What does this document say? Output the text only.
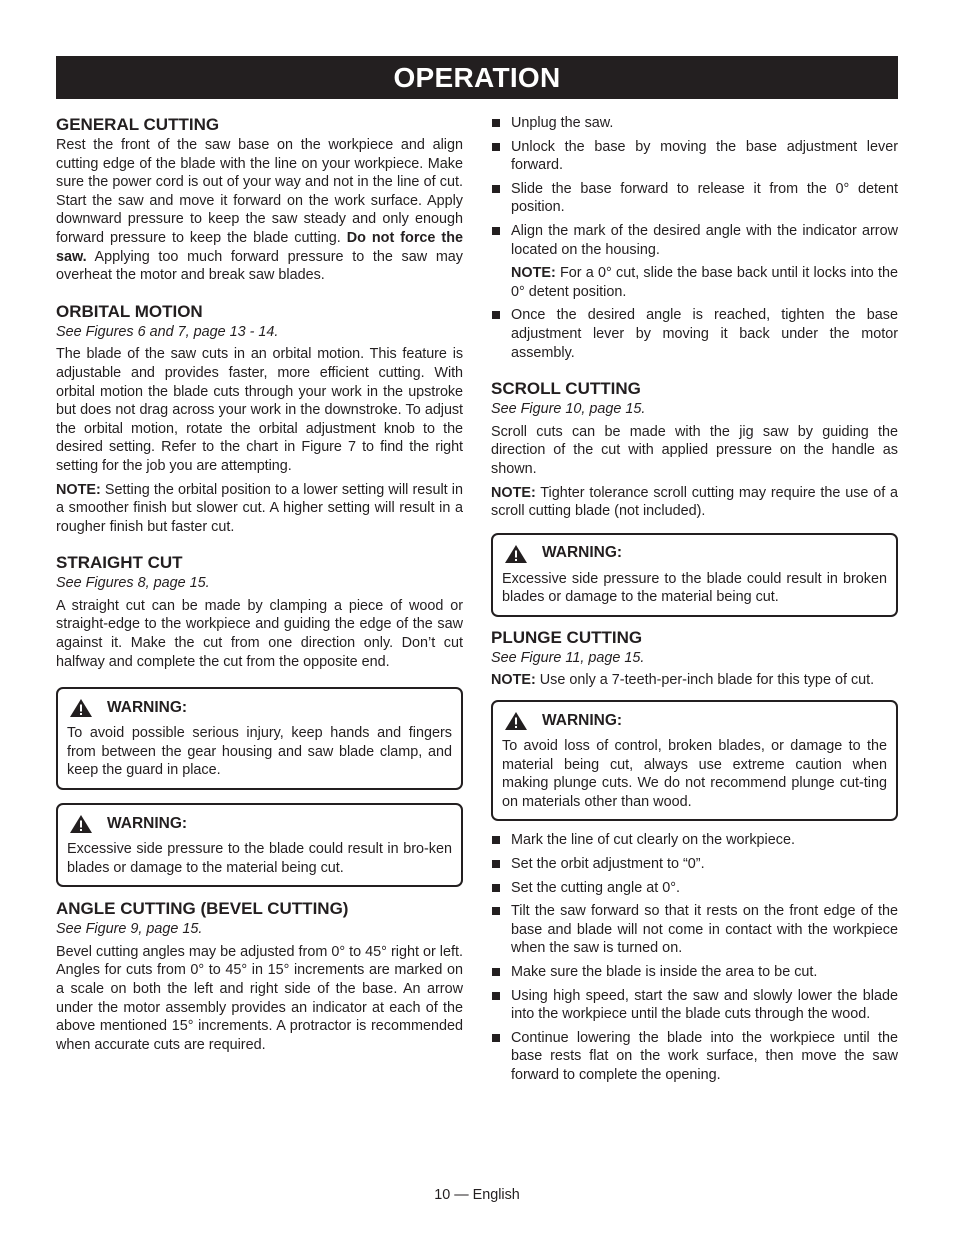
OPERATION
GENERAL CUTTING

Rest the front of the saw base on the workpiece and align cutting edge of the blade with the line on your workpiece. Make sure the power cord is out of your way and not in the line of cut. Start the saw and move it forward on the work surface. Apply downward pressure to keep the saw steady and only enough forward pressure to keep the blade cutting. Do not force the saw. Applying too much forward pressure to the saw may overheat the motor and break saw blades.

ORBITAL MOTION
See Figures 6 and 7, page 13 - 14.

The blade of the saw cuts in an orbital motion. This feature is adjustable and provides faster, more efficient cutting. With orbital motion the blade cuts through your work in the upstroke but does not drag across your work in the downstroke. To adjust the orbital motion, rotate the orbital adjustment knob to the desired setting. Refer to the chart in Figure 7 to find the right setting for the job you are attempting.

NOTE: Setting the orbital position to a lower setting will result in a smoother finish but slower cut. A higher setting will result in a rougher finish but faster cut.

STRAIGHT CUT
See Figures 8, page 15.

A straight cut can be made by clamping a piece of wood or straight-edge to the workpiece and guiding the edge of the saw against it. Make the cut from one direction only. Don’t cut halfway and complete the cut from the opposite end.

WARNING:

To avoid possible serious injury, keep hands and fingers from between the gear housing and saw blade clamp, and keep the guard in place.

WARNING:

Excessive side pressure to the blade could result in bro-ken blades or damage to the material being cut.

ANGLE CUTTING (BEVEL CUTTING)
See Figure 9, page 15.

Bevel cutting angles may be adjusted from 0° to 45° right or left. Angles for cuts from 0° to 45° in 15° increments are marked on a scale on both the left and right side of the base. An arrow under the motor assembly provides an indicator at each of the above mentioned 15° increments. A protractor is recommended when accurate cuts are required.

Unplug the saw.
Unlock the base by moving the base adjustment lever forward.
Slide the base forward to release it from the 0° detent position.
Align the mark of the desired angle with the indicator arrow located on the housing.
NOTE: For a 0° cut, slide the base back until it locks into the 0° detent position.
Once the desired angle is reached, tighten the base adjustment lever by moving it back under the motor assembly.
SCROLL CUTTING
See Figure 10, page 15.

Scroll cuts can be made with the jig saw by guiding the direction of the cut with applied pressure on the handle as shown.

NOTE: Tighter tolerance scroll cutting may require the use of a scroll cutting blade (not included).

WARNING:

Excessive side pressure to the blade could result in broken blades or damage to the material being cut.

PLUNGE CUTTING
See Figure 11, page 15.

NOTE: Use only a 7-teeth-per-inch blade for this type of cut.

WARNING:

To avoid loss of control, broken blades, or damage to the material being cut, always use extreme caution when making plunge cuts. We do not recommend plunge cut-ting on materials other than wood.

Mark the line of cut clearly on the workpiece.
Set the orbit adjustment to “0”.
Set the cutting angle at 0°.
Tilt the saw forward so that it rests on the front edge of the base and blade will not come in contact with the workpiece when the saw is turned on.
Make sure the blade is inside the area to be cut.
Using high speed, start the saw and slowly lower the blade into the workpiece until the blade cuts through the wood.
Continue lowering the blade into the workpiece until the base rests flat on the work surface, then move the saw forward to complete the opening.
10 — English
